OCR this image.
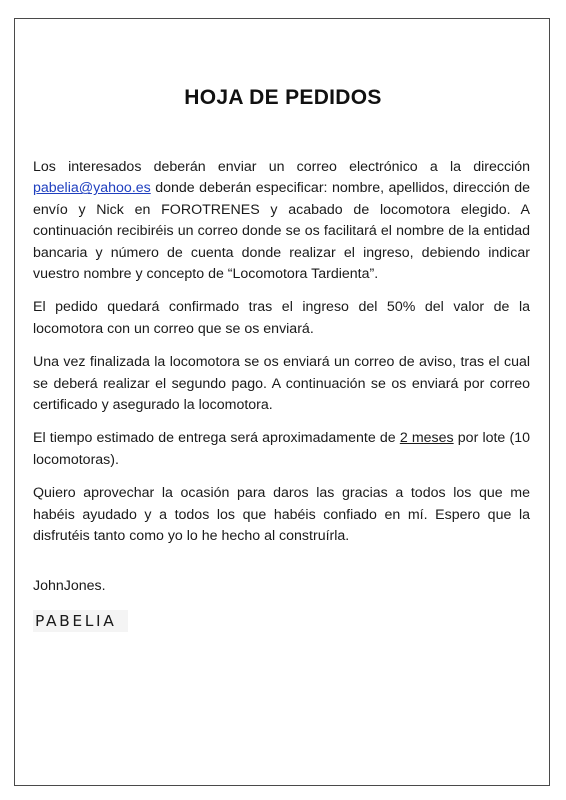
HOJA DE PEDIDOS

Los interesados deberán enviar un correo electrónico a la dirección pabelia@yahoo.es donde deberán especificar: nombre, apellidos, dirección de envío y Nick en FOROTRENES y acabado de locomotora elegido. A continuación recibiréis un correo donde se os facilitará el nombre de la entidad bancaria y número de cuenta donde realizar el ingreso, debiendo indicar vuestro nombre y concepto de “Locomotora Tardienta”.

El pedido quedará confirmado tras el ingreso del 50% del valor de la locomotora con un correo que se os enviará.

Una vez finalizada la locomotora se os enviará un correo de aviso, tras el cual se deberá realizar el segundo pago. A continuación se os enviará por correo certificado y asegurado la locomotora.

El tiempo estimado de entrega será aproximadamente de 2 meses por lote (10 locomotoras).

Quiero aprovechar la ocasión para daros las gracias a todos los que me habéis ayudado y a todos los que habéis confiado en mí. Espero que la disfrutéis tanto como yo lo he hecho al construírla.

JohnJones.
PABELIA
